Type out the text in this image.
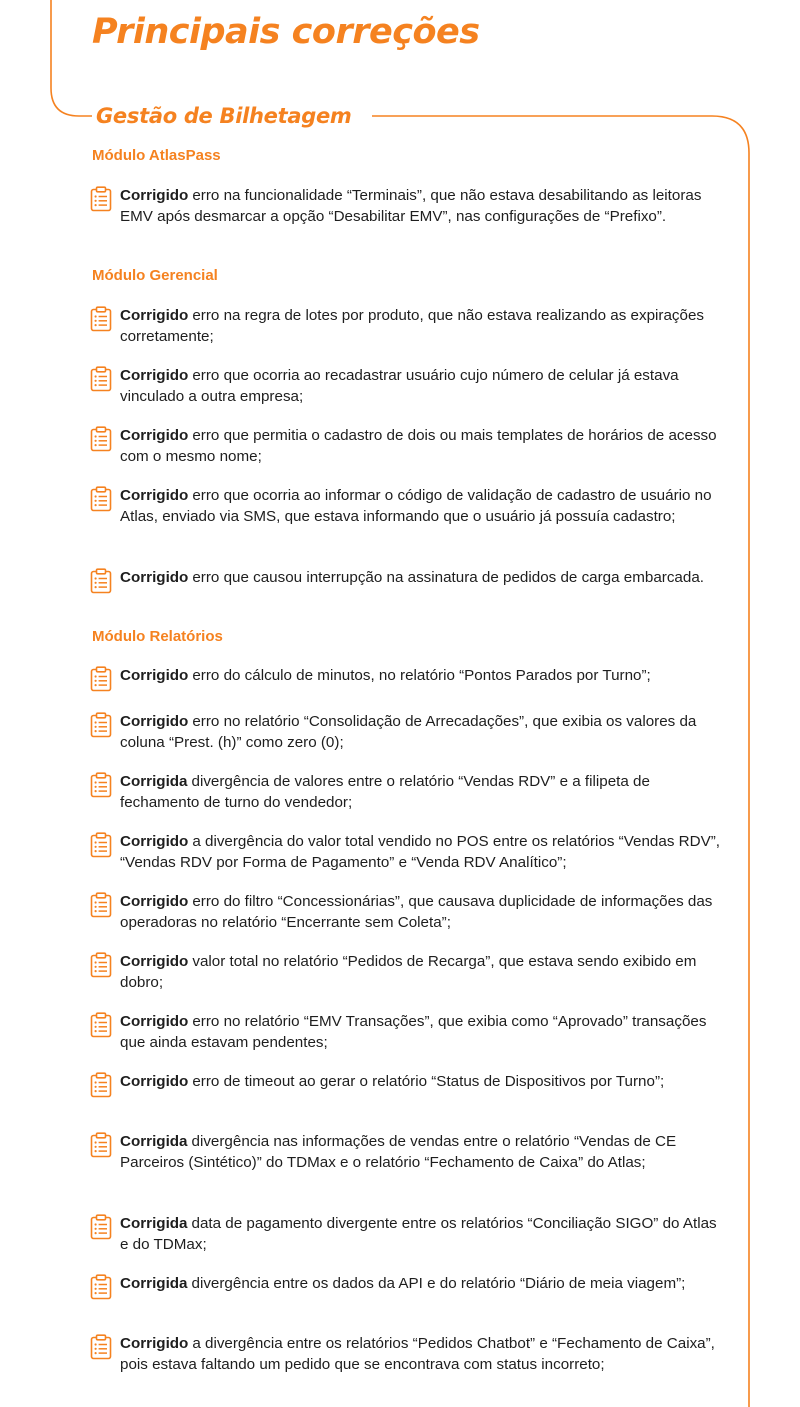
Principais correções
Gestão de Bilhetagem
Módulo AtlasPass
Corrigido erro na funcionalidade “Terminais”, que não estava desabilitando as leitoras EMV após desmarcar a opção “Desabilitar EMV”, nas configurações de “Prefixo”.
Módulo Gerencial
Corrigido erro na regra de lotes por produto, que não estava realizando as expirações corretamente;
Corrigido erro que ocorria ao recadastrar usuário cujo número de celular já estava vinculado a outra empresa;
Corrigido erro que permitia o cadastro de dois ou mais templates de horários de acesso com o mesmo nome;
Corrigido erro que ocorria ao informar o código de validação de cadastro de usuário no Atlas, enviado via SMS, que estava informando que o usuário já possuía cadastro;
Corrigido erro que causou interrupção na assinatura de pedidos de carga embarcada.
Módulo Relatórios
Corrigido erro do cálculo de minutos, no relatório “Pontos Parados por Turno”;
Corrigido erro no relatório “Consolidação de Arrecadações”, que exibia os valores da coluna “Prest. (h)” como zero (0);
Corrigida divergência de valores entre o relatório “Vendas RDV” e a filipeta de fechamento de turno do vendedor;
Corrigido a divergência do valor total vendido no POS entre os relatórios “Vendas RDV”, “Vendas RDV por Forma de Pagamento” e “Venda RDV Analítico”;
Corrigido erro do filtro “Concessionárias”, que causava duplicidade de informações das operadoras no relatório “Encerrante sem Coleta”;
Corrigido valor total no relatório “Pedidos de Recarga”, que estava sendo exibido em dobro;
Corrigido erro no relatório “EMV Transações”, que exibia como “Aprovado” transações que ainda estavam pendentes;
Corrigido erro de timeout ao gerar o relatório “Status de Dispositivos por Turno”;
Corrigida divergência nas informações de vendas entre o relatório “Vendas de CE Parceiros (Sintético)” do TDMax e o relatório “Fechamento de Caixa” do Atlas;
Corrigida data de pagamento divergente entre os relatórios “Conciliação SIGO” do Atlas e do TDMax;
Corrigida divergência entre os dados da API e do relatório “Diário de meia viagem”;
Corrigido a divergência entre os relatórios “Pedidos Chatbot” e “Fechamento de Caixa”, pois estava faltando um pedido que se encontrava com status incorreto;
